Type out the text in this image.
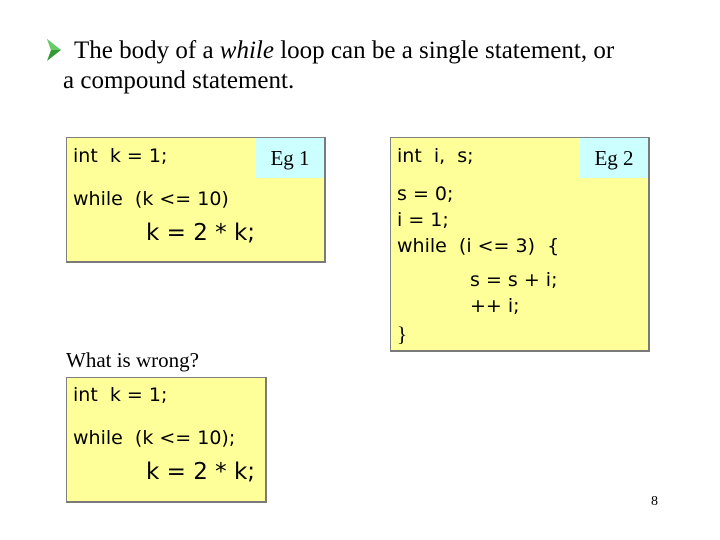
The body of a while loop can be a single statement, or
a compound statement.
int  k = 1;
while  (k <= 10)
k = 2 * k;
Eg 1	int  i,  s;
s = 0;
i = 1;
while  (i <= 3)  {
s = s + i;
++ i;
}
Eg 2
What is wrong?
int  k = 1;
while  (k <= 10);
k = 2 * k;
8
